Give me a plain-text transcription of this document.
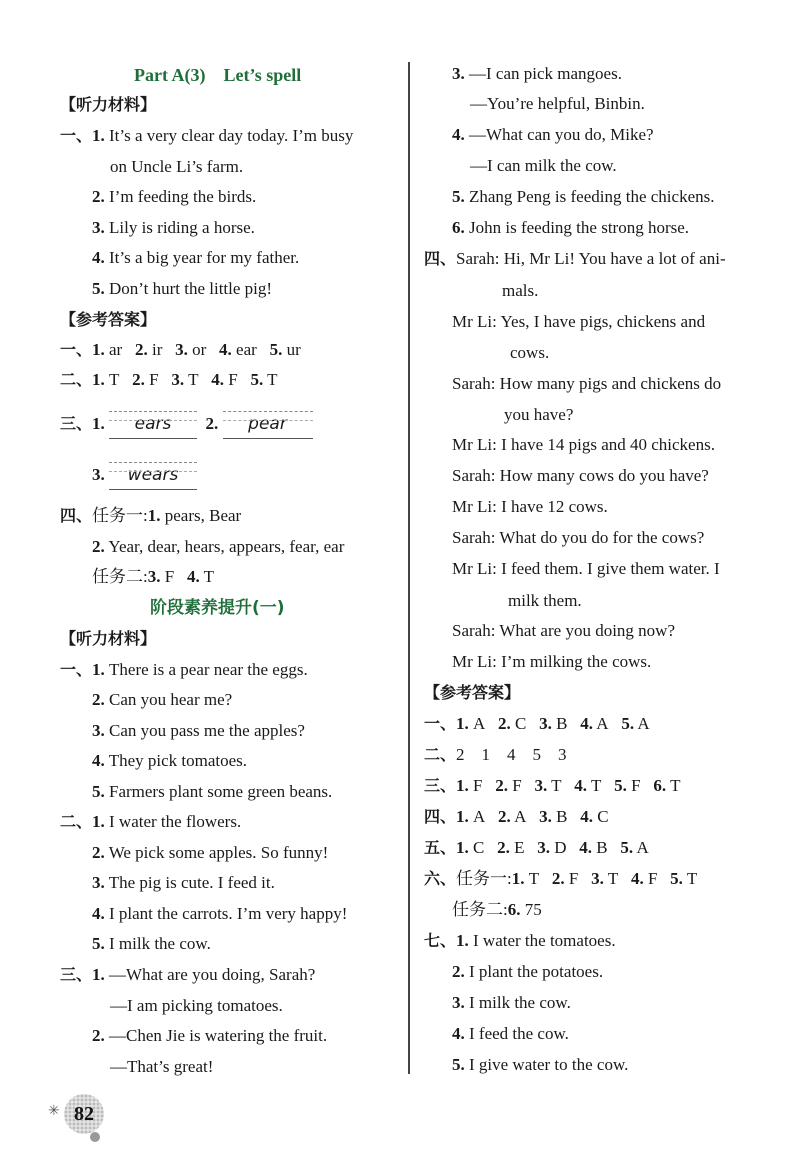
Part A(3)　Let’s spell
【听力材料】
一、1. It’s a very clear day today. I’m busy
on Uncle Li’s farm.
2. I’m feeding the birds.
3. Lily is riding a horse.
4. It’s a big year for my father.
5. Don’t hurt the little pig!
【参考答案】
一、1. ar 2. ir 3. or 4. ear 5. ur
二、1. T 2. F 3. T 4. F 5. T
三、1. ears 2. pear
3. wears
四、任务一:1. pears, Bear
2. Year, dear, hears, appears, fear, ear
任务二:3. F 4. T
阶段素养提升(一)
【听力材料】
一、1. There is a pear near the eggs.
2. Can you hear me?
3. Can you pass me the apples?
4. They pick tomatoes.
5. Farmers plant some green beans.
二、1. I water the flowers.
2. We pick some apples. So funny!
3. The pig is cute. I feed it.
4. I plant the carrots. I’m very happy!
5. I milk the cow.
三、1. —What are you doing, Sarah?
—I am picking tomatoes.
2. —Chen Jie is watering the fruit.
—That’s great!
3. —I can pick mangoes.
—You’re helpful, Binbin.
4. —What can you do, Mike?
—I can milk the cow.
5. Zhang Peng is feeding the chickens.
6. John is feeding the strong horse.
四、Sarah: Hi, Mr Li! You have a lot of ani-
mals.
Mr Li: Yes, I have pigs, chickens and
cows.
Sarah: How many pigs and chickens do
you have?
Mr Li: I have 14 pigs and 40 chickens.
Sarah: How many cows do you have?
Mr Li: I have 12 cows.
Sarah: What do you do for the cows?
Mr Li: I feed them. I give them water. I
milk them.
Sarah: What are you doing now?
Mr Li: I’m milking the cows.
【参考答案】
一、1. A 2. C 3. B 4. A 5. A
二、2　1　4　5　3
三、1. F 2. F 3. T 4. T 5. F 6. T
四、1. A 2. A 3. B 4. C
五、1. C 2. E 3. D 4. B 5. A
六、任务一:1. T 2. F 3. T 4. F 5. T
任务二:6. 75
七、1. I water the tomatoes.
2. I plant the potatoes.
3. I milk the cow.
4. I feed the cow.
5. I give water to the cow.
✳ 82
